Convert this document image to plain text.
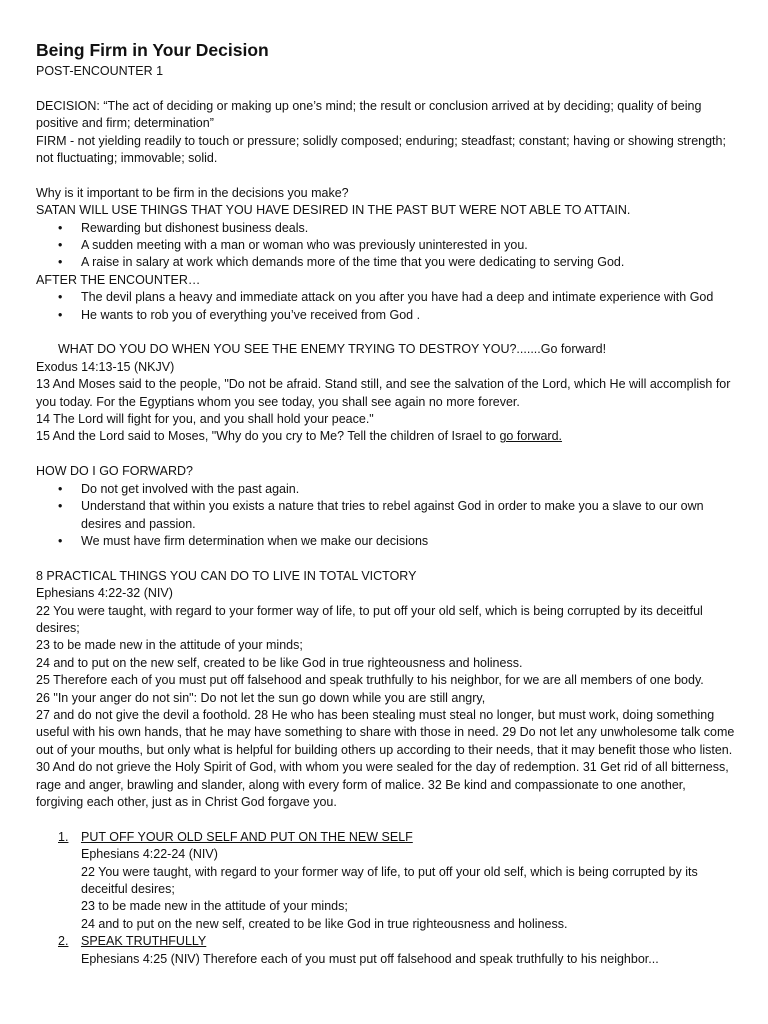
Being Firm in Your Decision
POST-ENCOUNTER 1
DECISION: “The act of deciding or making up one’s mind; the result or conclusion arrived at by deciding; quality of being positive and firm; determination”
FIRM - not yielding readily to touch or pressure; solidly composed; enduring; steadfast; constant; having or showing strength; not fluctuating; immovable; solid.
Why is it important to be firm in the decisions you make?
SATAN WILL USE THINGS THAT YOU HAVE DESIRED IN THE PAST BUT WERE NOT ABLE TO ATTAIN.
• Rewarding but dishonest business deals.
• A sudden meeting with a man or woman who was previously uninterested in you.
• A raise in salary at work which demands more of the time that you were dedicating to serving God.
AFTER THE ENCOUNTER…
• The devil plans a heavy and immediate attack on you after you have had a deep and intimate experience with God
• He wants to rob you of everything you’ve received from God .
WHAT DO YOU DO WHEN YOU SEE THE ENEMY TRYING TO DESTROY YOU?.......Go forward!
Exodus 14:13-15 (NKJV)
13 And Moses said to the people, "Do not be afraid. Stand still, and see the salvation of the Lord, which He will accomplish for you today. For the Egyptians whom you see today, you shall see again no more forever.
14 The Lord will fight for you, and you shall hold your peace."
15 And the Lord said to Moses, "Why do you cry to Me? Tell the children of Israel to go forward.
HOW DO I GO FORWARD?
• Do not get involved with the past again.
• Understand that within you exists a nature that tries to rebel against God in order to make you a slave to our own desires and passion.
• We must have firm determination when we make our decisions
8 PRACTICAL THINGS YOU CAN DO TO LIVE IN TOTAL VICTORY
Ephesians 4:22-32 (NIV)
22 You were taught, with regard to your former way of life, to put off your old self, which is being corrupted by its deceitful desires;
23 to be made new in the attitude of your minds;
24 and to put on the new self, created to be like God in true righteousness and holiness.
25 Therefore each of you must put off falsehood and speak truthfully to his neighbor, for we are all members of one body.
26 "In your anger do not sin": Do not let the sun go down while you are still angry,
27 and do not give the devil a foothold. 28 He who has been stealing must steal no longer, but must work, doing something useful with his own hands, that he may have something to share with those in need. 29 Do not let any unwholesome talk come out of your mouths, but only what is helpful for building others up according to their needs, that it may benefit those who listen. 30 And do not grieve the Holy Spirit of God, with whom you were sealed for the day of redemption. 31 Get rid of all bitterness, rage and anger, brawling and slander, along with every form of malice. 32 Be kind and compassionate to one another, forgiving each other, just as in Christ God forgave you.
1. PUT OFF YOUR OLD SELF AND PUT ON THE NEW SELF
Ephesians 4:22-24 (NIV)
22 You were taught, with regard to your former way of life, to put off your old self, which is being corrupted by its deceitful desires;
23 to be made new in the attitude of your minds;
24 and to put on the new self, created to be like God in true righteousness and holiness.
2. SPEAK TRUTHFULLY
Ephesians 4:25 (NIV) Therefore each of you must put off falsehood and speak truthfully to his neighbor...
